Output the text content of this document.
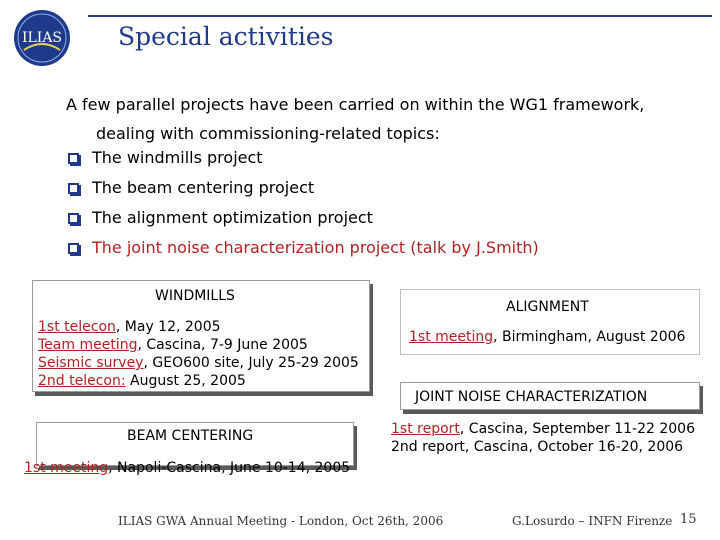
ILIAS Special activities
A few parallel projects have been carried on within the WG1 framework,
dealing with commissioning-related topics:
The windmills project
The beam centering project
The alignment optimization project
The joint noise characterization project (talk by J.Smith)
WINDMILLS
1st telecon, May 12, 2005
Team meeting, Cascina, 7-9 June 2005
Seismic survey, GEO600 site, July 25-29 2005
2nd telecon: August 25, 2005
BEAM CENTERING
1st meeting, Napoli-Cascina, June 10-14, 2005
ALIGNMENT
1st meeting, Birmingham, August 2006
JOINT NOISE CHARACTERIZATION
1st report, Cascina, September 11-22 2006
2nd report, Cascina, October 16-20, 2006
ILIAS GWA Annual Meeting - London, Oct 26th, 2006	G.Losurdo – INFN Firenze 15
